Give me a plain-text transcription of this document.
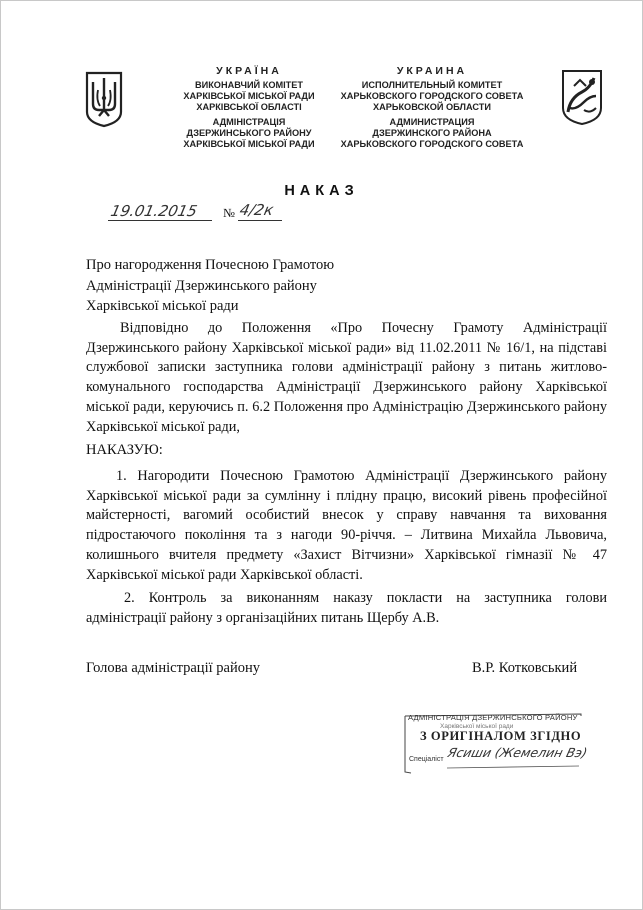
УКРАЇНА
ВИКОНАВЧИЙ КОМІТЕТ
ХАРКІВСЬКОЇ МІСЬКОЇ РАДИ
ХАРКІВСЬКОЇ ОБЛАСТІ
АДМІНІСТРАЦІЯ
ДЗЕРЖИНСЬКОГО РАЙОНУ
ХАРКІВСЬКОЇ МІСЬКОЇ РАДИ
УКРАИНА
ИСПОЛНИТЕЛЬНЫЙ КОМИТЕТ
ХАРЬКОВСКОГО ГОРОДСКОГО СОВЕТА
ХАРЬКОВСКОЙ ОБЛАСТИ
АДМИНИСТРАЦИЯ
ДЗЕРЖИНСКОГО РАЙОНА
ХАРЬКОВСКОГО ГОРОДСКОГО СОВЕТА
НАКАЗ
19.01.2015 № 4/2к
Про нагородження Почесною Грамотою
Адміністрації Дзержинського району
Харківської міської ради
Відповідно до Положення «Про Почесну Грамоту Адміністрації Дзержинського району Харківської міської ради» від 11.02.2011 № 16/1, на підставі службової записки заступника голови адміністрації району з питань житлово-комунального господарства Адміністрації Дзержинського району Харківської міської ради, керуючись п. 6.2 Положення про Адміністрацію Дзержинського району Харківської міської ради,
НАКАЗУЮ:
1. Нагородити Почесною Грамотою Адміністрації Дзержинського району Харківської міської ради за сумлінну і плідну працю, високий рівень професійної майстерності, вагомий особистий внесок у справу навчання та виховання підростаючого покоління та з нагоди 90-річчя. – Литвина Михайла Львовича, колишнього вчителя предмету «Захист Вітчизни» Харківської гімназії № 47 Харківської міської ради Харківської області.
2. Контроль за виконанням наказу покласти на заступника голови адміністрації району з організаційних питань Щербу А.В.
Голова адміністрації району	В.Р. Котковський
АДМІНІСТРАЦІЯ ДЗЕРЖИНСЬКОГО РАЙОНУ
Харківської міської ради
З ОРИГІНАЛОМ ЗГІДНО
Спеціаліст Ясиши (Жемелин Вэ)
